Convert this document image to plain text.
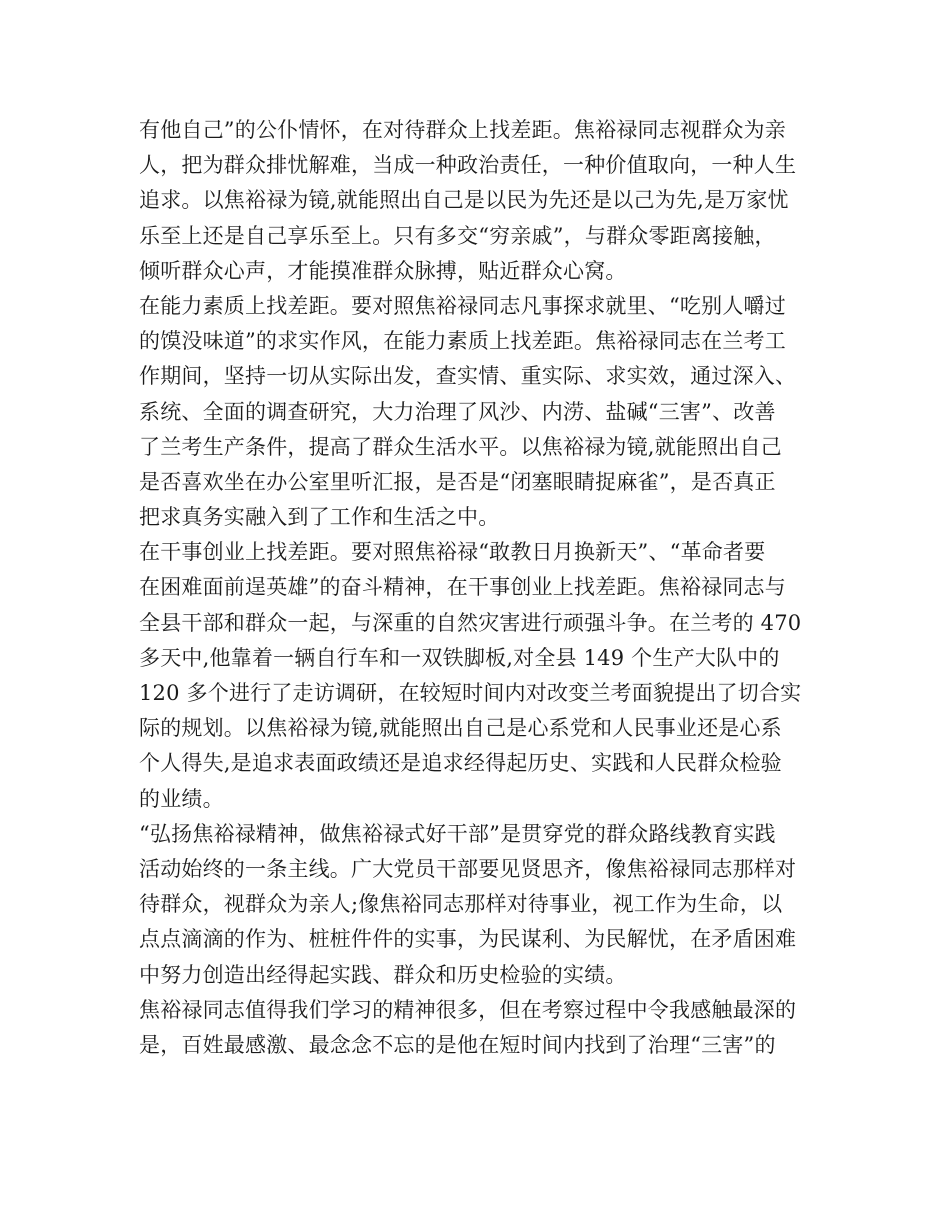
有他自己”的公仆情怀，在对待群众上找差距。焦裕禄同志视群众为亲
人，把为群众排忧解难，当成一种政治责任，一种价值取向，一种人生
追求。以焦裕禄为镜,就能照出自己是以民为先还是以己为先,是万家忧
乐至上还是自己享乐至上。只有多交“穷亲戚”，与群众零距离接触，
倾听群众心声，才能摸准群众脉搏，贴近群众心窝。
在能力素质上找差距。要对照焦裕禄同志凡事探求就里、“吃别人嚼过
的馍没味道”的求实作风，在能力素质上找差距。焦裕禄同志在兰考工
作期间，坚持一切从实际出发，查实情、重实际、求实效，通过深入、
系统、全面的调查研究，大力治理了风沙、内涝、盐碱“三害”、改善
了兰考生产条件，提高了群众生活水平。以焦裕禄为镜,就能照出自己
是否喜欢坐在办公室里听汇报，是否是“闭塞眼睛捉麻雀”，是否真正
把求真务实融入到了工作和生活之中。
在干事创业上找差距。要对照焦裕禄“敢教日月换新天”、“革命者要
在困难面前逞英雄”的奋斗精神，在干事创业上找差距。焦裕禄同志与
全县干部和群众一起，与深重的自然灾害进行顽强斗争。在兰考的 470
多天中,他靠着一辆自行车和一双铁脚板,对全县 149 个生产大队中的
120 多个进行了走访调研，在较短时间内对改变兰考面貌提出了切合实
际的规划。以焦裕禄为镜,就能照出自己是心系党和人民事业还是心系
个人得失,是追求表面政绩还是追求经得起历史、实践和人民群众检验
的业绩。
“弘扬焦裕禄精神，做焦裕禄式好干部”是贯穿党的群众路线教育实践
活动始终的一条主线。广大党员干部要见贤思齐，像焦裕禄同志那样对
待群众，视群众为亲人;像焦裕同志那样对待事业，视工作为生命，以
点点滴滴的作为、桩桩件件的实事，为民谋利、为民解忧，在矛盾困难
中努力创造出经得起实践、群众和历史检验的实绩。
焦裕禄同志值得我们学习的精神很多，但在考察过程中令我感触最深的
是，百姓最感激、最念念不忘的是他在短时间内找到了治理“三害”的
